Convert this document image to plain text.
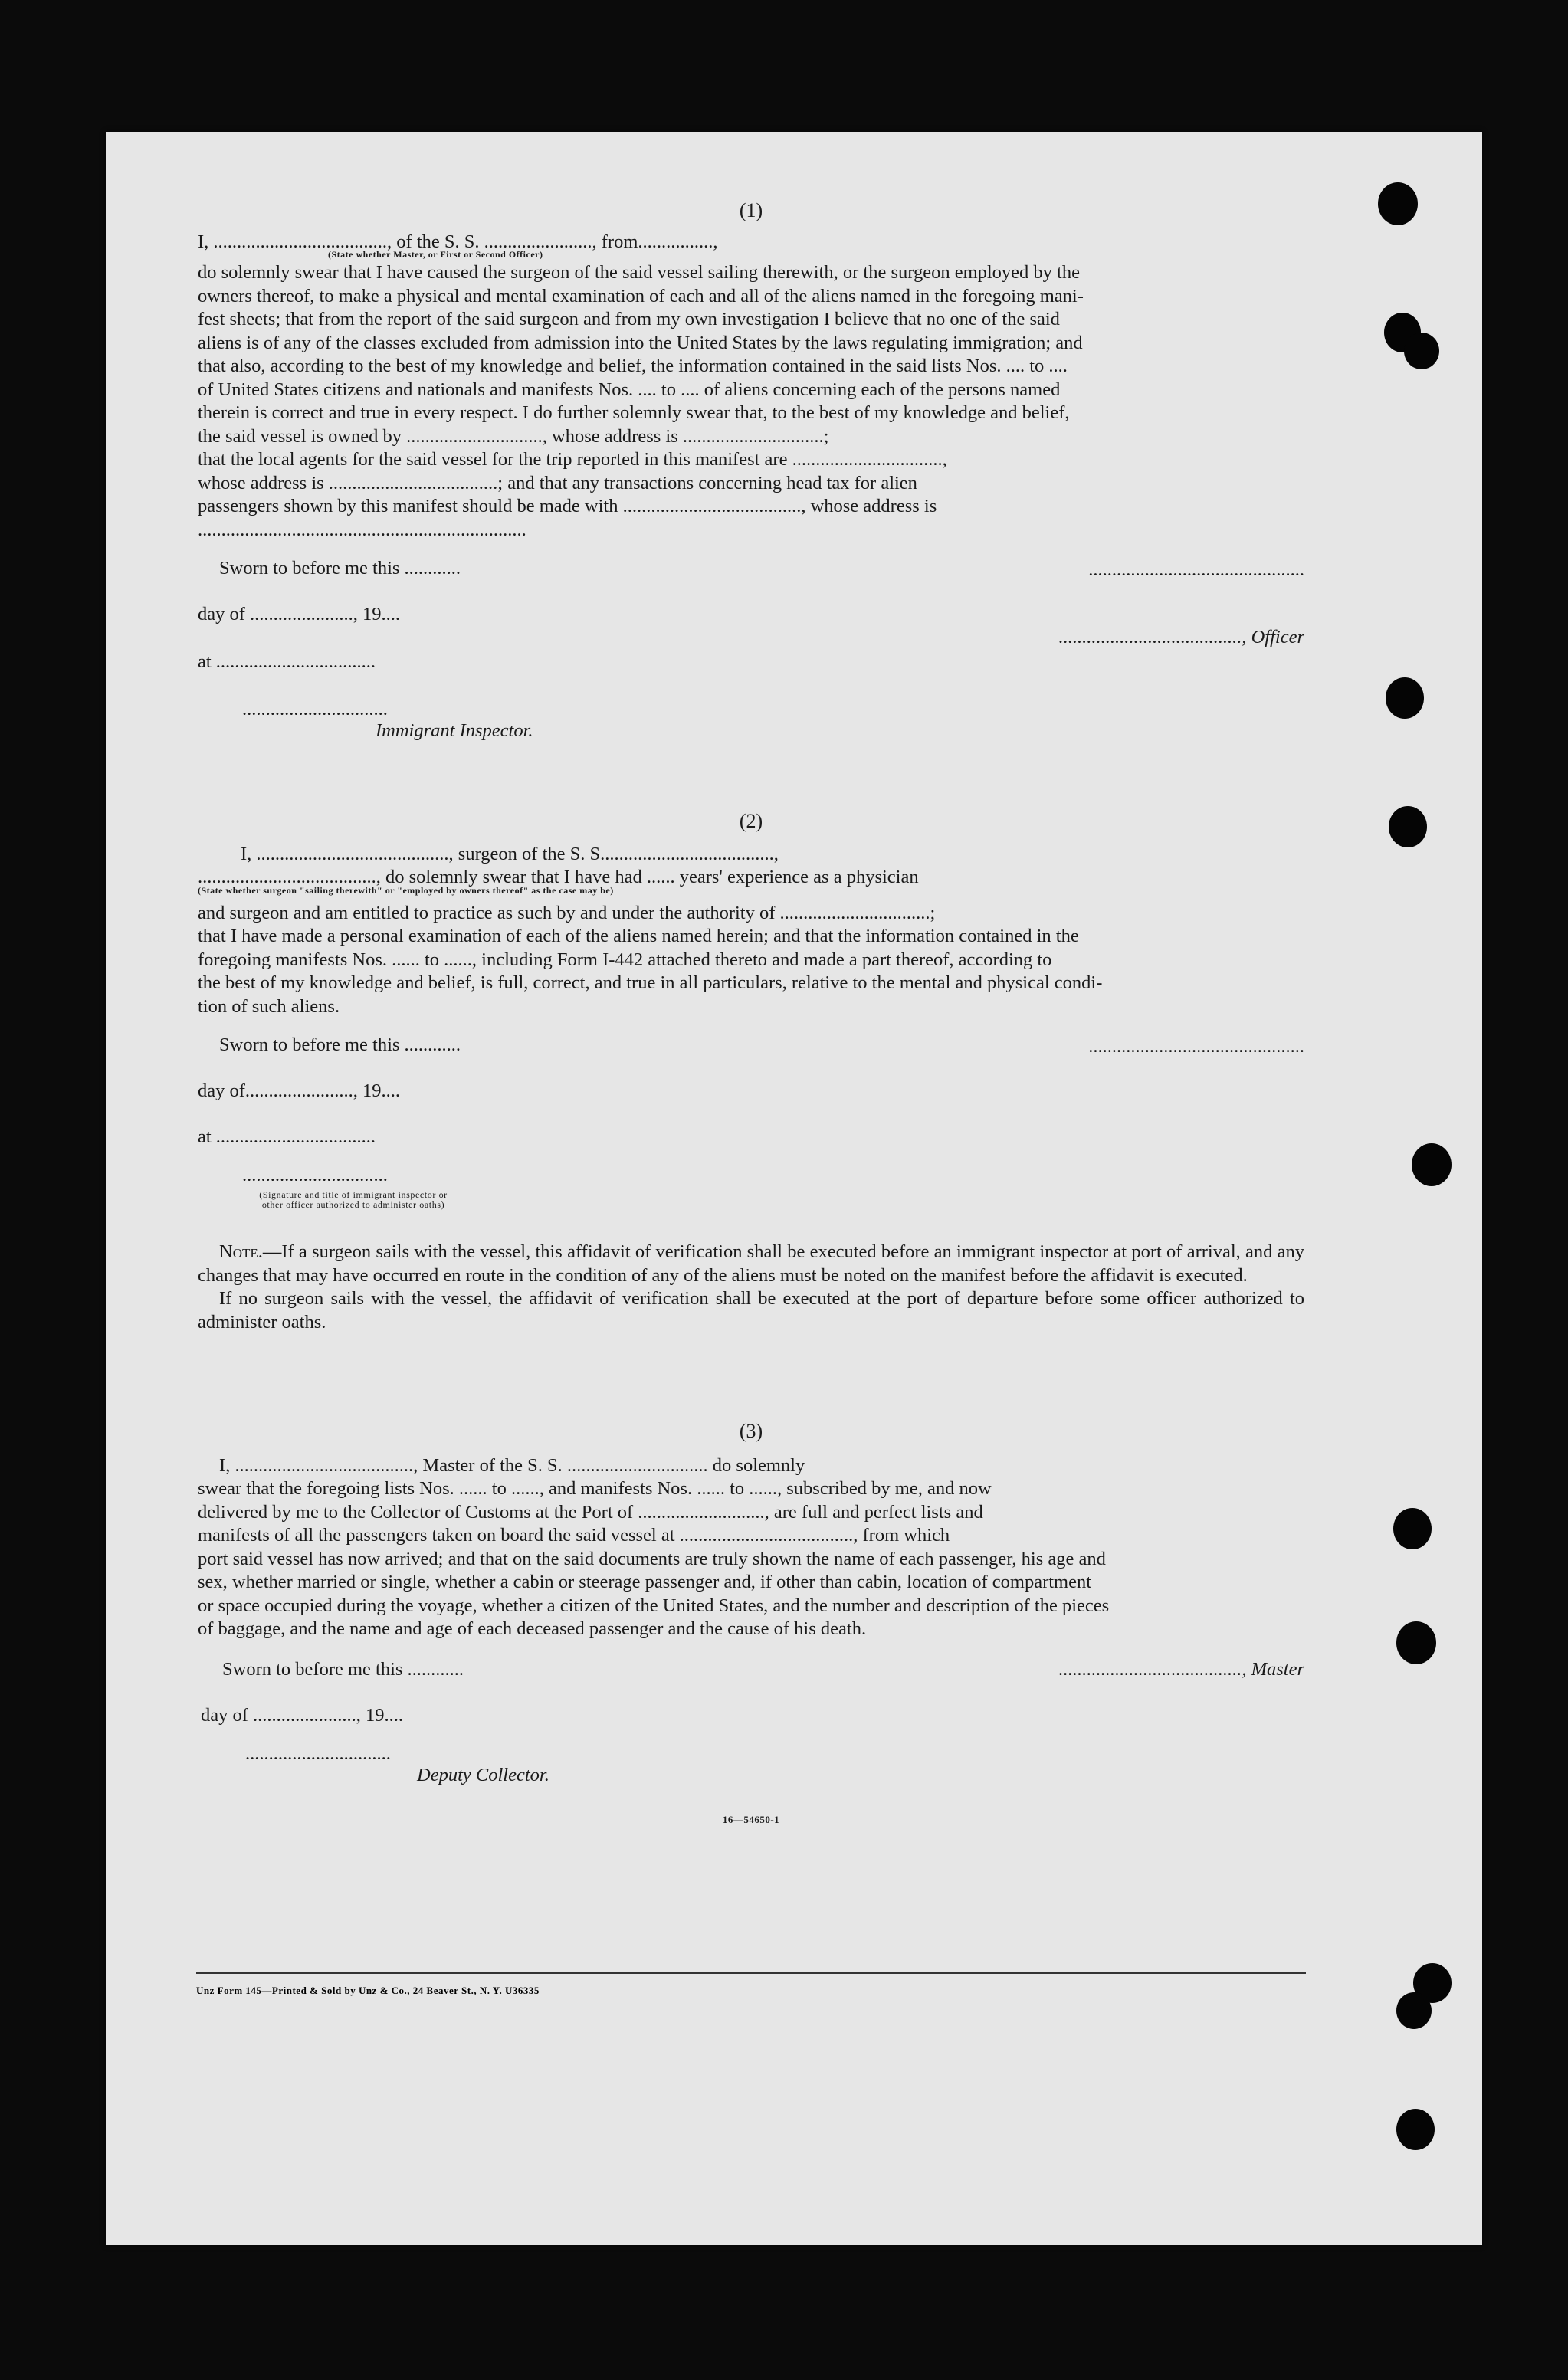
(1)
I, ....................................., of the S. S. ......................., from................,
(State whether Master, or First or Second Officer)

do solemnly swear that I have caused the surgeon of the said vessel sailing therewith, or the surgeon employed by the

owners thereof, to make a physical and mental examination of each and all of the aliens named in the foregoing mani-

fest sheets; that from the report of the said surgeon and from my own investigation I believe that no one of the said

aliens is of any of the classes excluded from admission into the United States by the laws regulating immigration; and

that also, according to the best of my knowledge and belief, the information contained in the said lists Nos. .... to ....

of United States citizens and nationals and manifests Nos. .... to .... of aliens concerning each of the persons named

therein is correct and true in every respect. I do further solemnly swear that, to the best of my knowledge and belief,

the said vessel is owned by ............................., whose address is ..............................;

that the local agents for the said vessel for the trip reported in this manifest are ................................,

whose address is ....................................; and that any transactions concerning head tax for alien

passengers shown by this manifest should be made with ......................................, whose address is

......................................................................

Sworn to before me this ............	..............................................
day of ......................, 19....
......................................., Officer
at ..................................
...............................
Immigrant Inspector.
(2)
I, ........................................., surgeon of the S. S.....................................,
......................................, do solemnly swear that I have had ...... years' experience as a physician
(State whether surgeon "sailing therewith" or "employed by owners thereof" as the case may be)

and surgeon and am entitled to practice as such by and under the authority of ................................;

that I have made a personal examination of each of the aliens named herein; and that the information contained in the

foregoing manifests Nos. ...... to ......, including Form I-442 attached thereto and made a part thereof, according to

the best of my knowledge and belief, is full, correct, and true in all particulars, relative to the mental and physical condi-

tion of such aliens.

Sworn to before me this ............	..............................................
day of......................., 19....
at ..................................
...............................
(Signature and title of immigrant inspector or
other officer authorized to administer oaths)
Note.—If a surgeon sails with the vessel, this affidavit of verification shall be executed before an immigrant inspector at port of arrival, and any changes that may have occurred en route in the condition of any of the aliens must be noted on the manifest before the affidavit is executed.
If no surgeon sails with the vessel, the affidavit of verification shall be executed at the port of departure before some officer authorized to administer oaths.
(3)

I, ......................................, Master of the S. S. .............................. do solemnly

swear that the foregoing lists Nos. ...... to ......, and manifests Nos. ...... to ......, subscribed by me, and now

delivered by me to the Collector of Customs at the Port of ..........................., are full and perfect lists and

manifests of all the passengers taken on board the said vessel at ....................................., from which

port said vessel has now arrived; and that on the said documents are truly shown the name of each passenger, his age and

sex, whether married or single, whether a cabin or steerage passenger and, if other than cabin, location of compartment

or space occupied during the voyage, whether a citizen of the United States, and the number and description of the pieces

of baggage, and the name and age of each deceased passenger and the cause of his death.

Sworn to before me this ............	......................................., Master
day of ......................, 19....
...............................
Deputy Collector.
16—54650-1
Unz Form 145—Printed & Sold by Unz & Co., 24 Beaver St., N. Y. U36335
